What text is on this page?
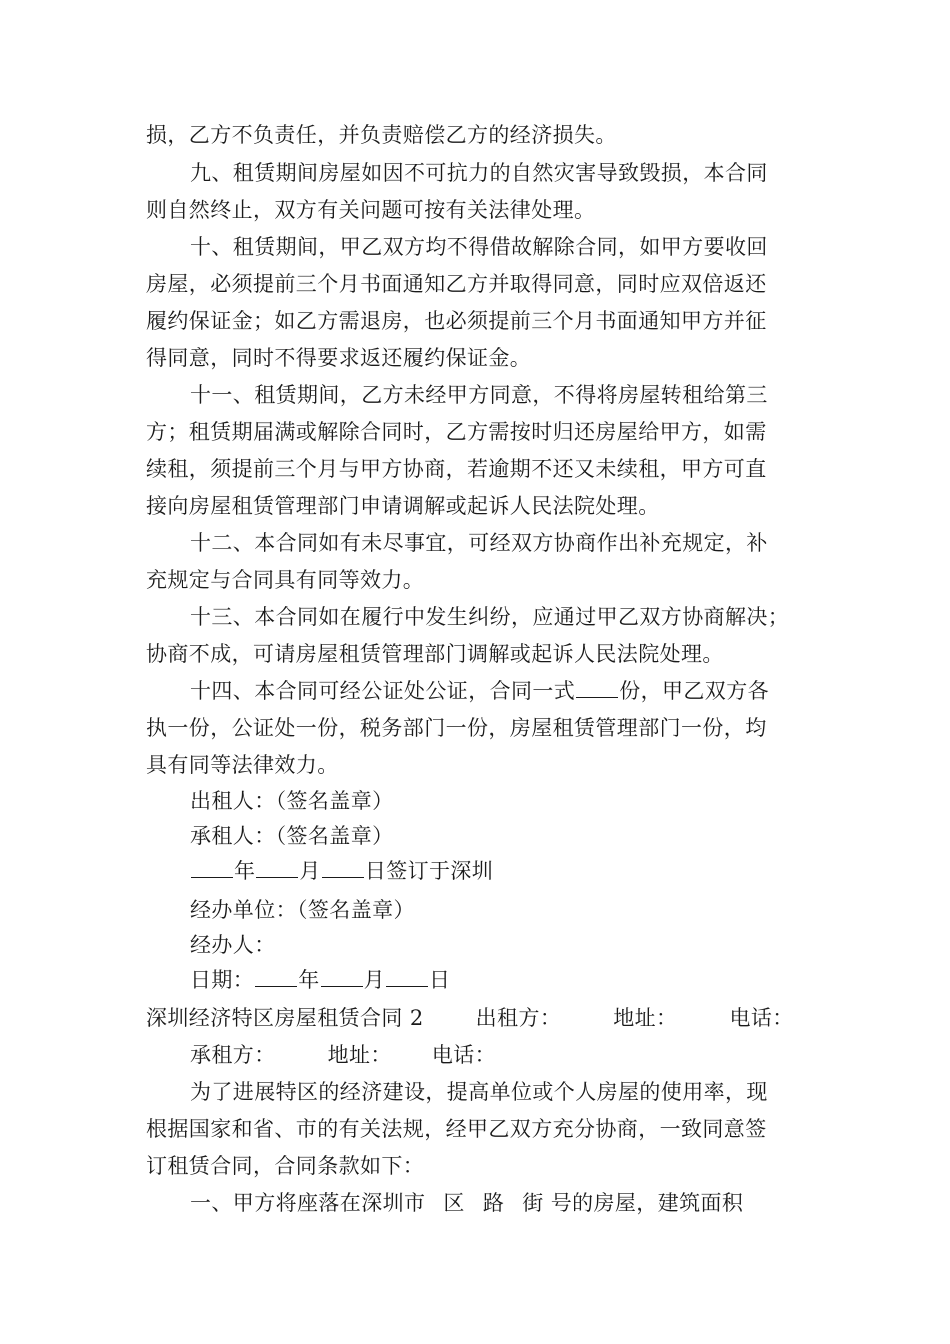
损，乙方不负责任，并负责赔偿乙方的经济损失。
九、租赁期间房屋如因不可抗力的自然灾害导致毁损，本合同
则自然终止，双方有关问题可按有关法律处理。
十、租赁期间，甲乙双方均不得借故解除合同，如甲方要收回
房屋，必须提前三个月书面通知乙方并取得同意，同时应双倍返还
履约保证金；如乙方需退房，也必须提前三个月书面通知甲方并征
得同意，同时不得要求返还履约保证金。
十一、租赁期间，乙方未经甲方同意，不得将房屋转租给第三
方；租赁期届满或解除合同时，乙方需按时归还房屋给甲方，如需
续租，须提前三个月与甲方协商，若逾期不还又未续租，甲方可直
接向房屋租赁管理部门申请调解或起诉人民法院处理。
十二、本合同如有未尽事宜，可经双方协商作出补充规定，补
充规定与合同具有同等效力。
十三、本合同如在履行中发生纠纷，应通过甲乙双方协商解决；
协商不成，可请房屋租赁管理部门调解或起诉人民法院处理。
十四、本合同可经公证处公证，合同一式 份，甲乙双方各
执一份，公证处一份，税务部门一份，房屋租赁管理部门一份，均
具有同等法律效力。
出租人：（签名盖章）
承租人：（签名盖章）
年 月 日签订于深圳
经办单位：（签名盖章）
经办人：
日期： 年 月 日
深圳经济特区房屋租赁合同 2 出租方： 地址： 电话：
承租方： 地址： 电话：
为了进展特区的经济建设，提高单位或个人房屋的使用率，现
根据国家和省、市的有关法规，经甲乙双方充分协商，一致同意签
订租赁合同，合同条款如下：
一、甲方将座落在深圳市 区 路 街 号的房屋，建筑面积
